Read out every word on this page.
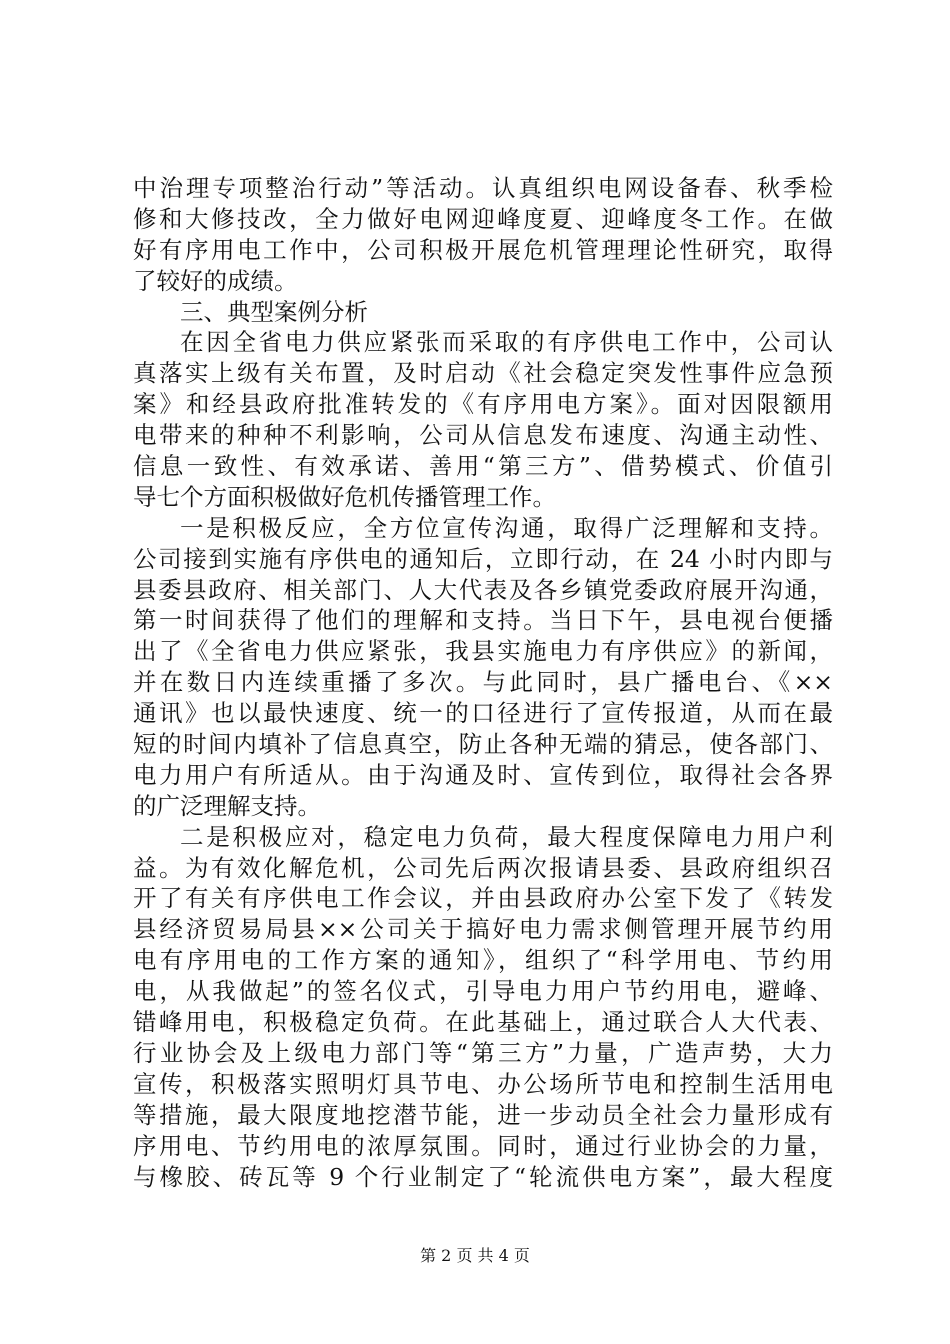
中治理专项整治行动”等活动。认真组织电网设备春、秋季检
修和大修技改，全力做好电网迎峰度夏、迎峰度冬工作。在做
好有序用电工作中，公司积极开展危机管理理论性研究，取得
了较好的成绩。
三、典型案例分析
在因全省电力供应紧张而采取的有序供电工作中，公司认
真落实上级有关布置，及时启动《社会稳定突发性事件应急预
案》和经县政府批准转发的《有序用电方案》。面对因限额用
电带来的种种不利影响，公司从信息发布速度、沟通主动性、
信息一致性、有效承诺、善用“第三方”、借势模式、价值引
导七个方面积极做好危机传播管理工作。
一是积极反应，全方位宣传沟通，取得广泛理解和支持。
公司接到实施有序供电的通知后，立即行动，在 24 小时内即与
县委县政府、相关部门、人大代表及各乡镇党委政府展开沟通，
第一时间获得了他们的理解和支持。当日下午，县电视台便播
出了《全省电力供应紧张，我县实施电力有序供应》的新闻，
并在数日内连续重播了多次。与此同时，县广播电台、《××
通讯》也以最快速度、统一的口径进行了宣传报道，从而在最
短的时间内填补了信息真空，防止各种无端的猜忌，使各部门、
电力用户有所适从。由于沟通及时、宣传到位，取得社会各界
的广泛理解支持。
二是积极应对，稳定电力负荷，最大程度保障电力用户利
益。为有效化解危机，公司先后两次报请县委、县政府组织召
开了有关有序供电工作会议，并由县政府办公室下发了《转发
县经济贸易局县××公司关于搞好电力需求侧管理开展节约用
电有序用电的工作方案的通知》，组织了“科学用电、节约用
电，从我做起”的签名仪式，引导电力用户节约用电，避峰、
错峰用电，积极稳定负荷。在此基础上，通过联合人大代表、
行业协会及上级电力部门等“第三方”力量，广造声势，大力
宣传，积极落实照明灯具节电、办公场所节电和控制生活用电
等措施，最大限度地挖潜节能，进一步动员全社会力量形成有
序用电、节约用电的浓厚氛围。同时，通过行业协会的力量，
与橡胶、砖瓦等 9 个行业制定了“轮流供电方案”，最大程度
第 2 页 共 4 页
